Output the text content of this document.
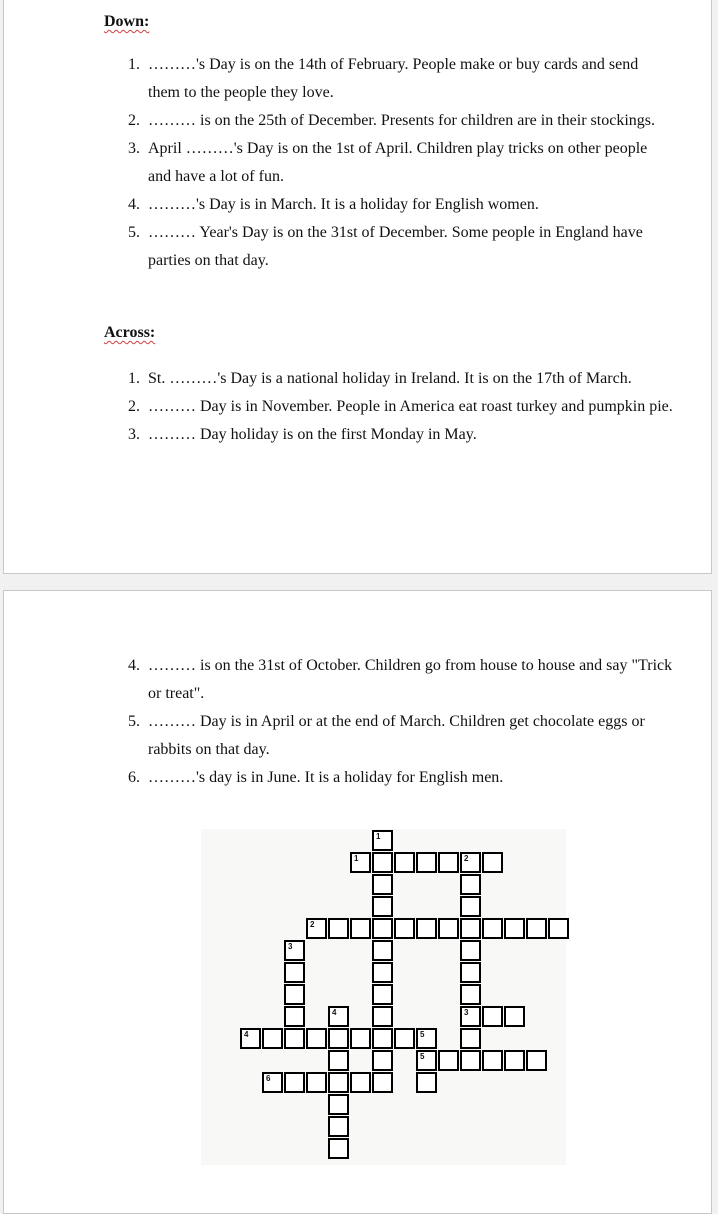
Down:
1. ………'s Day is on the 14th of February. People make or buy cards and send them to the people they love.
2. ……… is on the 25th of December. Presents for children are in their stockings.
3. April ………'s Day is on the 1st of April. Children play tricks on other people and have a lot of fun.
4. ………'s Day is in March. It is a holiday for English women.
5. ……… Year's Day is on the 31st of December. Some people in England have parties on that day.
Across:
1. St. ………'s Day is a national holiday in Ireland. It is on the 17th of March.
2. ……… Day is in November. People in America eat roast turkey and pumpkin pie.
3. ……… Day holiday is on the first Monday in May.
4. ……… is on the 31st of October. Children go from house to house and say "Trick or treat".
5. ……… Day is in April or at the end of March. Children get chocolate eggs or rabbits on that day.
6. ………'s day is in June. It is a holiday for English men.
1
2
3
3
4
5
5
1
2
4
6
